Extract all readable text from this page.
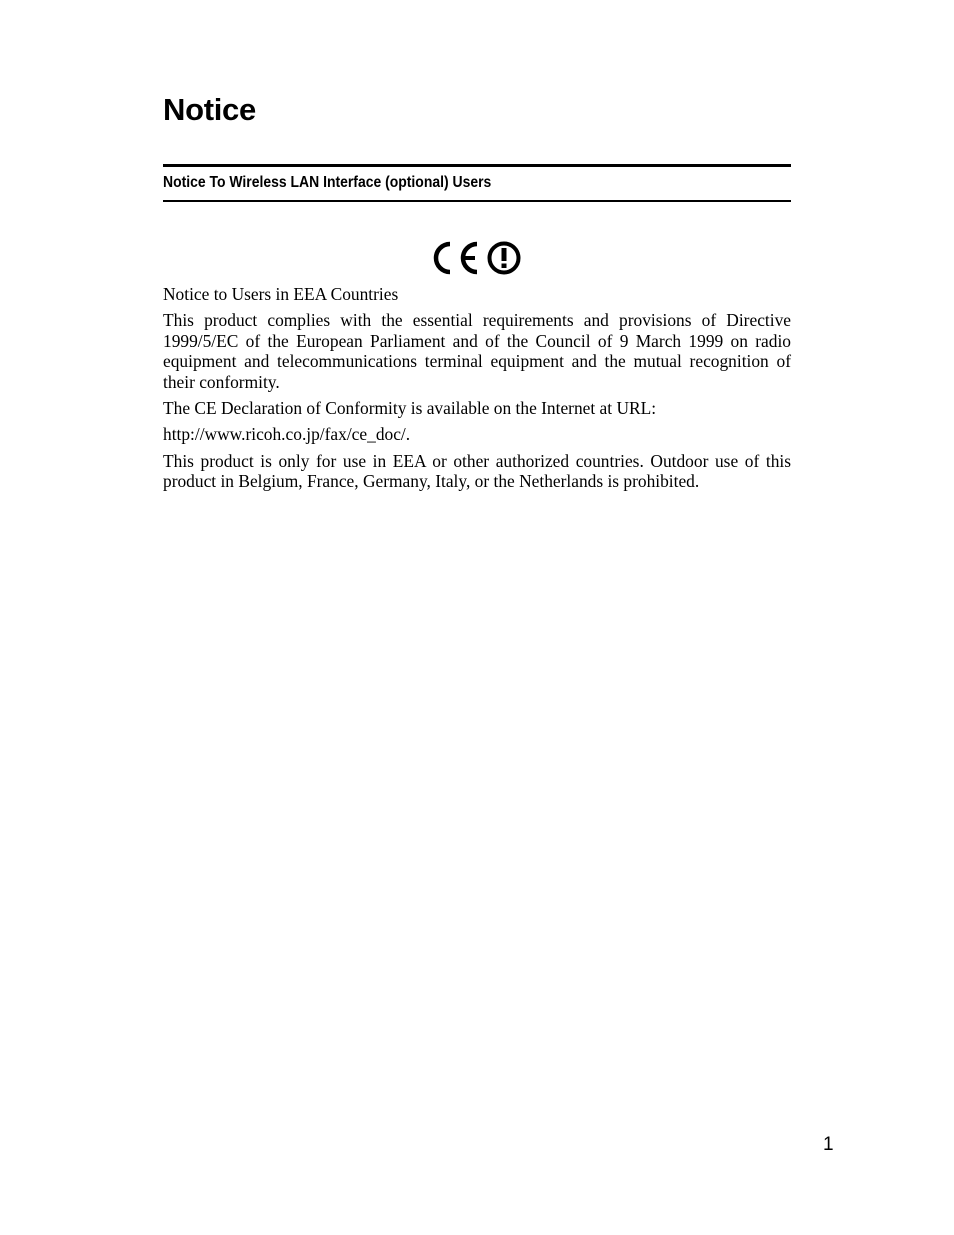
Notice
Notice To Wireless LAN Interface (optional) Users

Notice to Users in EEA Countries

This product complies with the essential requirements and provisions of Directive 1999/5/EC of the European Parliament and of the Council of 9 March 1999 on radio equipment and telecommunications terminal equipment and the mutual recognition of their conformity.

The CE Declaration of Conformity is available on the Internet at URL:

http://www.ricoh.co.jp/fax/ce_doc/.

This product is only for use in EEA or other authorized countries. Outdoor use of this product in Belgium, France, Germany, Italy, or the Netherlands is prohibited.

1
